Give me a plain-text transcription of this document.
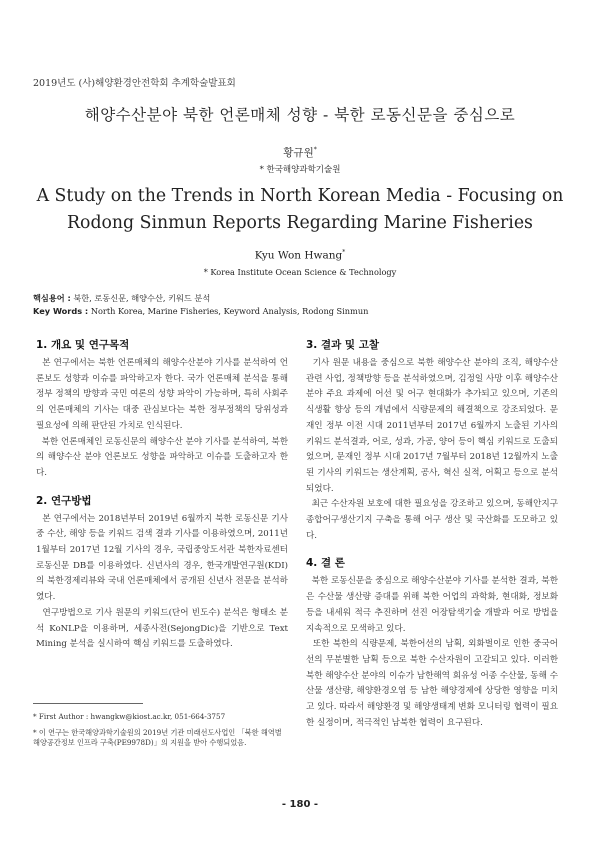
2019년도 (사)해양환경안전학회 추계학술발표회
해양수산분야 북한 언론매체 성향 - 북한 로동신문을 중심으로
황규원*
* 한국해양과학기술원
A Study on the Trends in North Korean Media - Focusing on Rodong Sinmun Reports Regarding Marine Fisheries
Kyu Won Hwang*
* Korea Institute Ocean Science & Technology
핵심용어 : 북한, 로동신문, 해양수산, 키워드 분석
Key Words : North Korea, Marine Fisheries, Keyword Analysis, Rodong Sinmun
1. 개요 및 연구목적

본 연구에서는 북한 언론매체의 해양수산분야 기사를 분석하여 언론보도 성향과 이슈를 파악하고자 한다. 국가 언론매체 분석을 통해 정부 정책의 방향과 국민 여론의 성향 파악이 가능하며, 특히 사회주의 언론매체의 기사는 대중 관심보다는 북한 정부정책의 당위성과 필요성에 의해 판단된 가치로 인식된다.

북한 언론매체인 로동신문의 해양수산 분야 기사를 분석하여, 북한의 해양수산 분야 언론보도 성향을 파악하고 이슈를 도출하고자 한다.

2. 연구방법

본 연구에서는 2018년부터 2019년 6월까지 북한 로동신문 기사 중 수산, 해양 등을 키워드 검색 결과 기사를 이용하였으며, 2011년 1월부터 2017년 12월 기사의 경우, 국립중앙도서관 북한자료센터 로동신문 DB를 이용하였다. 신년사의 경우, 한국개발연구원(KDI)의 북한경제리뷰와 국내 언론매체에서 공개된 신년사 전문을 분석하였다.

연구방법으로 기사 원문의 키워드(단어 빈도수) 분석은 형태소 분석 KoNLP을 이용하며, 세종사전(SejongDic)을 기반으로 Text Mining 분석을 실시하여 핵심 키워드를 도출하였다.

3. 결과 및 고찰

기사 원문 내용을 중심으로 북한 해양수산 분야의 조직, 해양수산 관련 사업, 정책방향 등을 분석하였으며, 김정일 사망 이후 해양수산 분야 주요 과제에 어선 및 어구 현대화가 추가되고 있으며, 기존의 식생활 향상 등의 개념에서 식량문제의 해결책으로 강조되었다. 문재인 정부 이전 시대 2011년부터 2017년 6월까지 노출된 기사의 키워드 분석결과, 어로, 성과, 가공, 양어 등이 핵심 키워드로 도출되었으며, 문재인 정부 시대 2017년 7월부터 2018년 12월까지 노출된 기사의 키워드는 생산계획, 공사, 혁신 실적, 어획고 등으로 분석되었다.

최근 수산자원 보호에 대한 필요성을 강조하고 있으며, 동해안지구종합어구생산기지 구축을 통해 어구 생산 및 국산화를 도모하고 있다.

4. 결 론

북한 로동신문을 중심으로 해양수산분야 기사를 분석한 결과, 북한은 수산물 생산량 증대를 위해 북한 어업의 과학화, 현대화, 정보화 등을 내세워 적극 추진하며 선진 어장탐색기술 개발과 어로 방법을 지속적으로 모색하고 있다.

또한 북한의 식량문제, 북한어선의 남획, 외화벌이로 인한 중국어선의 무분별한 남획 등으로 북한 수산자원이 고갈되고 있다. 이러한 북한 해양수산 분야의 이슈가 남한해역 회유성 어종 수산물, 동해 수산물 생산량, 해양환경오염 등 남한 해양경제에 상당한 영향을 미치고 있다. 따라서 해양환경 및 해양생태계 변화 모니터링 협력이 필요한 실정이며, 적극적인 남북한 협력이 요구된다.

* First Author : hwangkw@kiost.ac.kr, 051-664-3757
* 이 연구는 한국해양과학기술원의 2019년 기관 미래선도사업인 「북한 해역별 해양공간정보 인프라 구축(PE9978D)」의 지원을 받아 수행되었음.
- 180 -
